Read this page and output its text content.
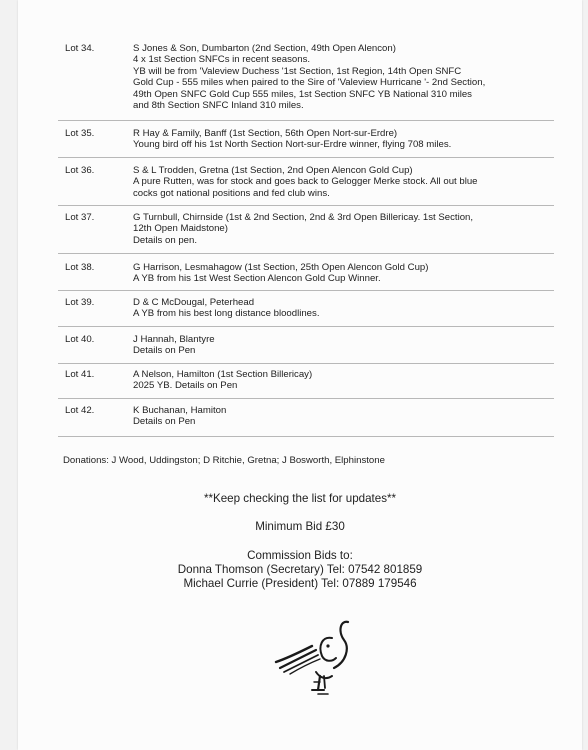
Lot 34.	S Jones & Son, Dumbarton (2nd Section, 49th Open Alencon)
4 x 1st Section SNFCs in recent seasons.
YB will be from 'Valeview Duchess '1st Section, 1st Region, 14th Open SNFC
Gold Cup - 555 miles when paired to the Sire of 'Valeview Hurricane '- 2nd Section,
49th Open SNFC Gold Cup 555 miles, 1st Section SNFC YB National 310 miles
and 8th Section SNFC Inland 310 miles.
Lot 35.	R Hay & Family, Banff (1st Section, 56th Open Nort-sur-Erdre)
Young bird off his 1st North Section Nort-sur-Erdre winner, flying 708 miles.
Lot 36.	S & L Trodden, Gretna (1st Section, 2nd Open Alencon Gold Cup)
A pure Rutten, was for stock and goes back to Gelogger Merke stock. All out blue
cocks got national positions and fed club wins.
Lot 37.	G Turnbull, Chirnside (1st & 2nd Section, 2nd & 3rd Open Billericay. 1st Section,
12th Open Maidstone)
Details on pen.
Lot 38.	G Harrison, Lesmahagow (1st Section, 25th Open Alencon Gold Cup)
A YB from his 1st West Section Alencon Gold Cup Winner.
Lot 39.	D & C McDougal, Peterhead
A YB from his best long distance bloodlines.
Lot 40.	J Hannah, Blantyre
Details on Pen
Lot 41.	A Nelson, Hamilton (1st Section Billericay)
2025 YB. Details on Pen
Lot 42.	K Buchanan, Hamiton
Details on Pen
Donations: J Wood, Uddingston; D Ritchie, Gretna; J Bosworth, Elphinstone
**Keep checking the list for updates**
Minimum Bid £30
Commission Bids to:
Donna Thomson (Secretary) Tel: 07542 801859
Michael Currie (President) Tel: 07889 179546
